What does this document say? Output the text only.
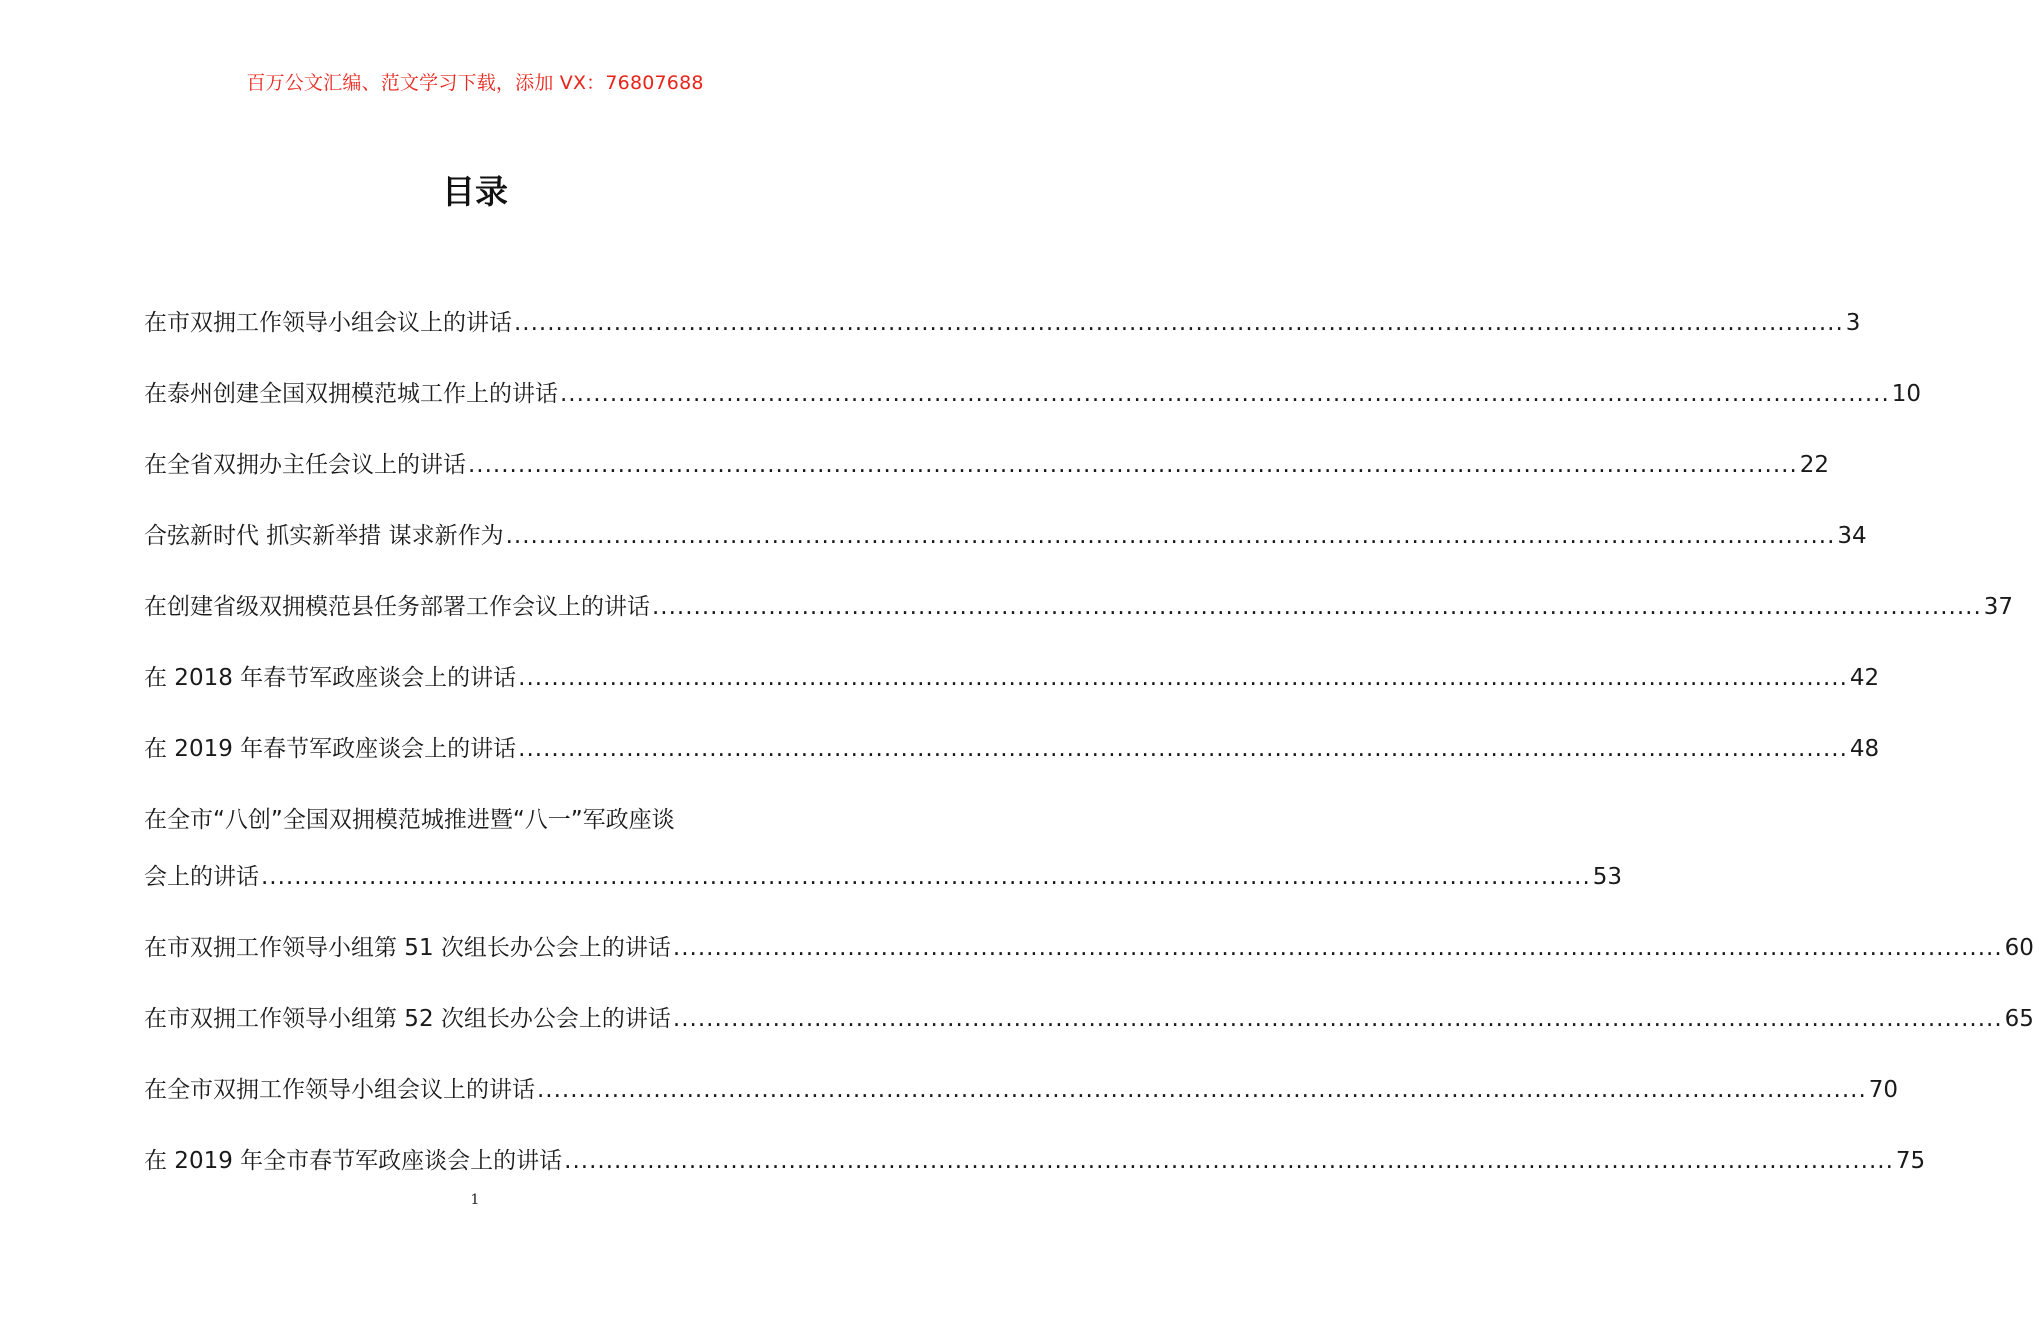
百万公文汇编、范文学习下载，添加 VX：76807688
目录
在市双拥工作领导小组会议上的讲话 ................................................................................................................................................................ 3
在泰州创建全国双拥模范城工作上的讲话 ................................................................................................................................................................ 10
在全省双拥办主任会议上的讲话 ................................................................................................................................................................ 22
合弦新时代 抓实新举措 谋求新作为 ................................................................................................................................................................ 34
在创建省级双拥模范县任务部署工作会议上的讲话 ................................................................................................................................................................ 37
在 2018 年春节军政座谈会上的讲话 ................................................................................................................................................................ 42
在 2019 年春节军政座谈会上的讲话 ................................................................................................................................................................ 48
在全市“八创”全国双拥模范城推进暨“八一”军政座谈
会上的讲话 ................................................................................................................................................................ 53
在市双拥工作领导小组第 51 次组长办公会上的讲话 ................................................................................................................................................................ 60
在市双拥工作领导小组第 52 次组长办公会上的讲话 ................................................................................................................................................................ 65
在全市双拥工作领导小组会议上的讲话 ................................................................................................................................................................ 70
在 2019 年全市春节军政座谈会上的讲话 ................................................................................................................................................................ 75
1
